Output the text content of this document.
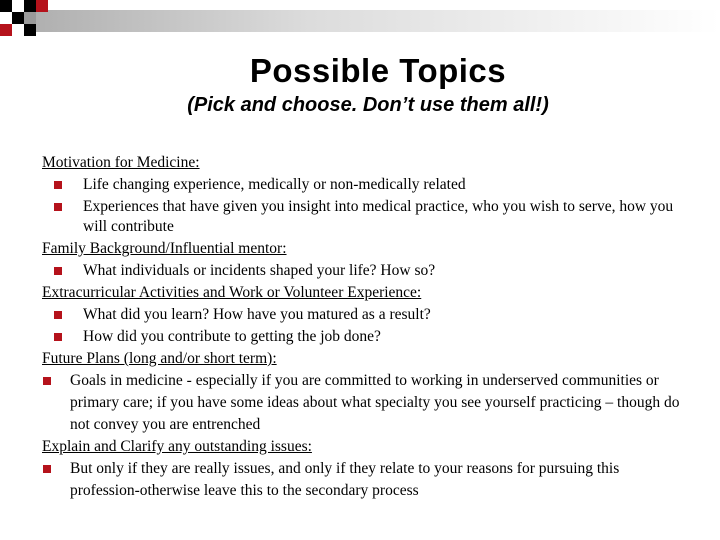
Possible Topics
(Pick and choose. Don’t use them all!)
Motivation for Medicine:
Life changing experience, medically or non-medically related
Experiences that have given you insight into medical practice, who you wish to serve, how you will contribute
Family Background/Influential mentor:
What individuals or incidents shaped your life? How so?
Extracurricular Activities and Work or Volunteer Experience:
What did you learn? How have you matured as a result?
How did you contribute to getting the job done?
Future Plans (long and/or short term):
Goals in medicine - especially if you are committed to working in underserved communities or primary care; if you have some ideas about what specialty you see yourself practicing – though do not convey you are entrenched
Explain and Clarify any outstanding issues:
But only if they are really issues, and only if they relate to your reasons for pursuing this profession-otherwise leave this to the secondary process
